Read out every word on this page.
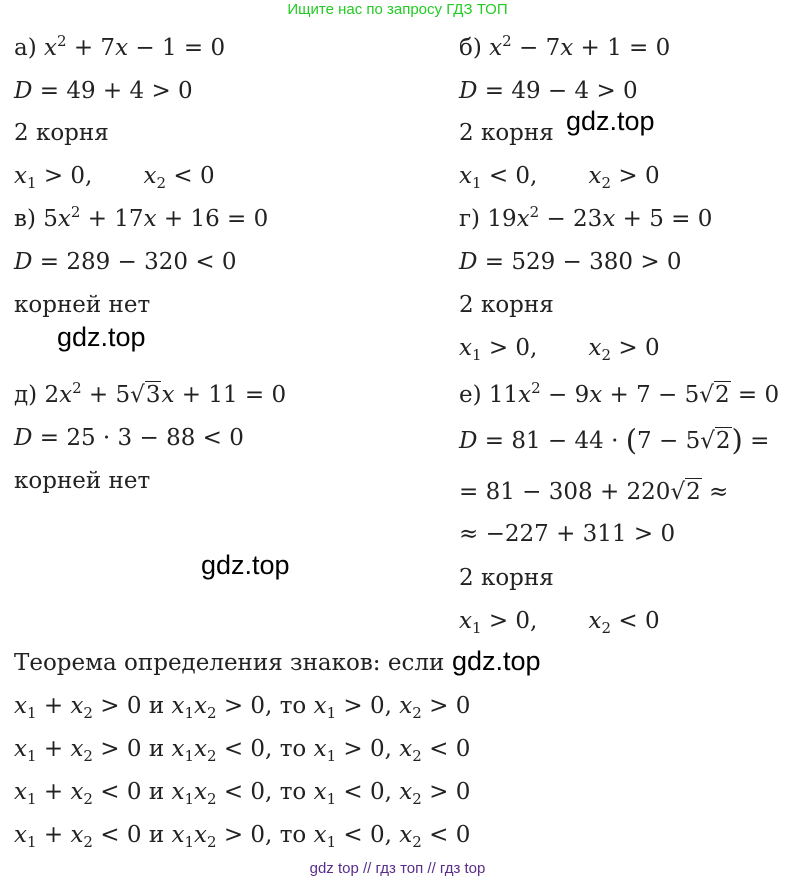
Ищите нас по запросу ГДЗ ТОП
а) $x^2 + 7x - 1 = 0$
D = 49 + 4 > 0
2 корня
$x_1 > 0$,       $x_2 < 0$
в) $5x^2 + 17x + 16 = 0$
D = 289 − 320 < 0
корней нет
д) $2x^2 + 5√3x + 11 = 0$
D = 25 · 3 − 88 < 0
корней нет
б) $x^2 - 7x + 1 = 0$
D = 49 − 4 > 0
2 корня
$x_1 < 0$,       $x_2 > 0$
г) $19x^2 - 23x + 5 = 0$
D = 529 − 380 > 0
2 корня
$x_1 > 0$,       $x_2 > 0$
е) $11x^2 - 9x + 7 - 5√2 = 0$
D = 81 − 44 · (7 − 5√2) =
= 81 − 308 + 220√2 ≈
≈ −227 + 311 > 0
2 корня
$x_1 > 0$,       $x_2 < 0$
Теорема определения знаков: если
$x_1 + x_2 > 0$ и $x_1x_2 > 0$, то $x_1 > 0$, $x_2 > 0$
$x_1 + x_2 > 0$ и $x_1x_2 < 0$, то $x_1 > 0$, $x_2 < 0$
$x_1 + x_2 < 0$ и $x_1x_2 < 0$, то $x_1 < 0$, $x_2 > 0$
$x_1 + x_2 < 0$ и $x_1x_2 > 0$, то $x_1 < 0$, $x_2 < 0$
gdz.top
gdz.top
gdz.top
gdz.top
gdz top // гдз топ // гдз top
